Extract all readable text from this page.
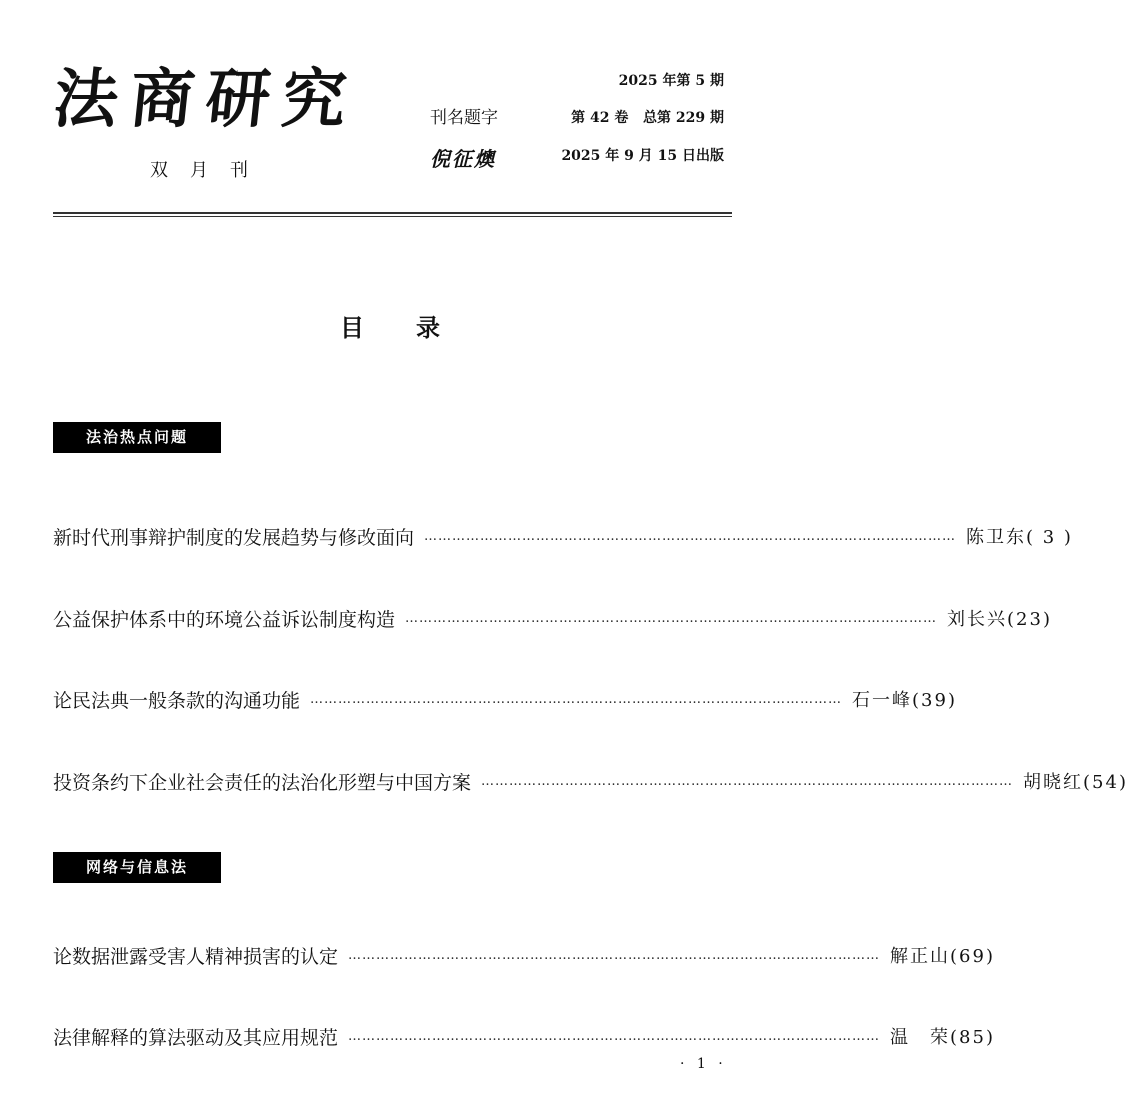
法商研究
双月刊
刊名题字
倪征燠
2025 年第 5 期
第 42 卷   总第 229 期
2025 年 9 月 15 日出版
目录
法治热点问题
新时代刑事辩护制度的发展趋势与修改面向 …………………………………………………………………………………………………… 陈卫东( 3 )
公益保护体系中的环境公益诉讼制度构造 …………………………………………………………………………………………………… 刘长兴(23)
论民法典一般条款的沟通功能 …………………………………………………………………………………………………… 石一峰(39)
投资条约下企业社会责任的法治化形塑与中国方案 …………………………………………………………………………………………………… 胡晓红(54)
网络与信息法
论数据泄露受害人精神损害的认定 …………………………………………………………………………………………………… 解正山(69)
法律解释的算法驱动及其应用规范 …………………………………………………………………………………………………… 温　荣(85)
· 1 ·
